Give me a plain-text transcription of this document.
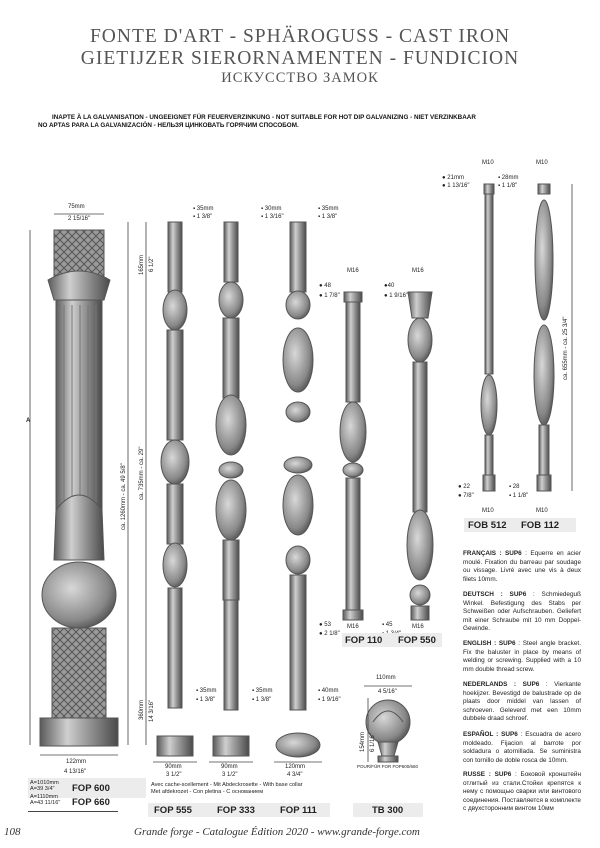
FONTE D'ART - SPHÄROGUSS - CAST IRON
GIETIJZER SIERORNAMENTEN - FUNDICION
ИСКУССТВО ЗАМОК
INAPTE À LA GALVANISATION - UNGEEIGNET FÜR FEUERVERZINKUNG - NOT SUITABLE FOR HOT DIP GALVANIZING - NIET VERZINKBAAR
NO APTAS PARA LA GALVANIZACIÓN - НЕЛЬЗЯ ЦИНКОВАТЬ ГОРЯЧИМ СПОСОБОМ.
75mm
2 15/16"
A
122mm
4 13/16"
165mm 6 1/2"
ca. 1260mm - ca. 49 5/8" ca. 735mm - ca. 29"
360mm 14 3/16"
▪ 35mm
▪ 1 3/8"
▪ 30mm
▪ 1 3/16"
▪ 35mm
▪ 1 3/8"
▪ 35mm
▪ 1 3/8"
▪ 35mm
▪ 1 3/8"
▪ 40mm
▪ 1 9/16"
90mm
3 1/2"
90mm
3 1/2"
120mm
4 3/4"
M16	M16
● 48
● 1 7/8"
●40
● 1 9/16"
● 53
● 2 1/8"
▪ 45
M16	M16
M10	M10
● 21mm
● 1 13/16"
▪ 28mm
▪ 1 1/8"
ca. 655mm - ca. 25 3/4"
● 22
● 7/8"
▪ 28
▪ 1 1/8"
M10	M10
110mm
4 5/16"
154mm 6 1/16"
POUR/FÜR FOR FOP600/660
Avec cache-scellement - Mit Abdeckrosette - With base collar
Met afdekrozet - Con pletina - С основанием
A=1010mm
A=39 3/4"
A=1110mm
A=43 11/16"
FOP 600
FOP 660
FOP 555	FOP 333	FOP 111
FOP 110 FOP 550
FOB 512 FOB 112
TB 300
FRANÇAIS : SUP6 : Equerre en acier moulé. Fixation du barreau par soudage ou vissage. Livré avec une vis à deux filets 10mm.
DEUTSCH : SUP6 : Schmiedeguß Winkel. Befestigung des Stabs per Schweißen oder Aufschrauben. Geliefert mit einer Schraube mit 10 mm Doppel-Gewinde.
ENGLISH : SUP6 : Steel angle bracket. Fix the baluster in place by means of welding or screwing. Supplied with a 10 mm double thread screw.
NEDERLANDS : SUP6 : Vierkante hoekijzer. Bevestigd de balustrade op de plaats door middel van lassen of schroeven. Geleverd met een 10mm dubbele draad schroef.
ESPAÑOL : SUP6 : Escuadra de acero moldeado. Fijacion al barrote por soldadura o atornillada. Se suministra con tornillo de doble rosca de 10mm.
RUSSE : SUP6 : Боковой кронштейн отлитый из стали.Стойки крепятся к нему с помощью сварки или винтового соединения. Поставляется в комплекте с двухсторонним винтом 10мм
108	Grande forge - Catalogue Édition 2020 - www.grande-forge.com
